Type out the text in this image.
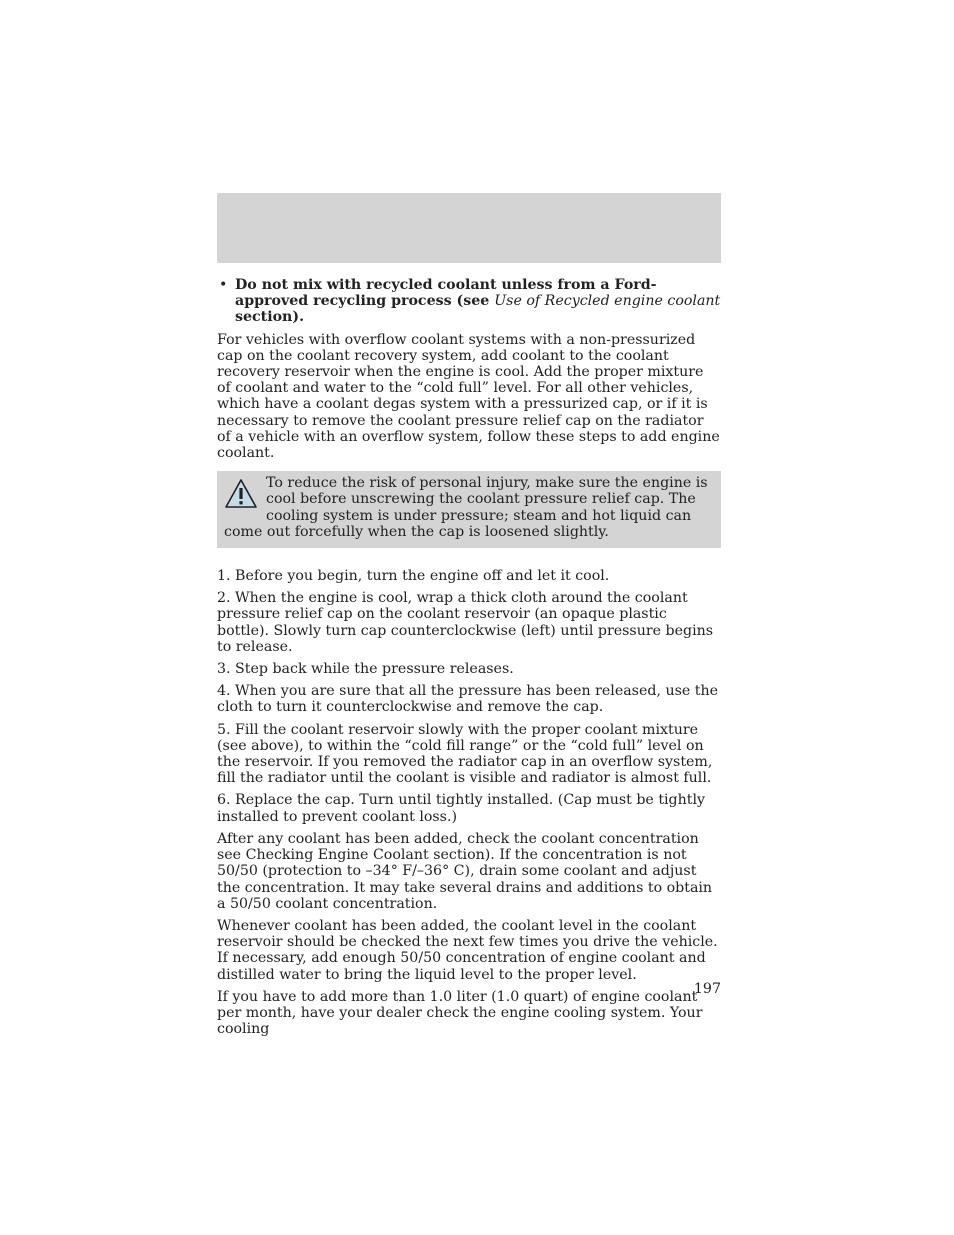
• Do not mix with recycled coolant unless from a Ford-approved recycling process (see Use of Recycled engine coolant section).

For vehicles with overflow coolant systems with a non-pressurized cap on the coolant recovery system, add coolant to the coolant recovery reservoir when the engine is cool. Add the proper mixture of coolant and water to the “cold full” level. For all other vehicles, which have a coolant degas system with a pressurized cap, or if it is necessary to remove the coolant pressure relief cap on the radiator of a vehicle with an overflow system, follow these steps to add engine coolant.

To reduce the risk of personal injury, make sure the engine is cool before unscrewing the coolant pressure relief cap. The cooling system is under pressure; steam and hot liquid can come out forcefully when the cap is loosened slightly.

1. Before you begin, turn the engine off and let it cool.

2. When the engine is cool, wrap a thick cloth around the coolant pressure relief cap on the coolant reservoir (an opaque plastic bottle). Slowly turn cap counterclockwise (left) until pressure begins to release.

3. Step back while the pressure releases.

4. When you are sure that all the pressure has been released, use the cloth to turn it counterclockwise and remove the cap.

5. Fill the coolant reservoir slowly with the proper coolant mixture (see above), to within the “cold fill range” or the “cold full” level on the reservoir. If you removed the radiator cap in an overflow system, fill the radiator until the coolant is visible and radiator is almost full.

6. Replace the cap. Turn until tightly installed. (Cap must be tightly installed to prevent coolant loss.)

After any coolant has been added, check the coolant concentration see Checking Engine Coolant section). If the concentration is not 50/50 (protection to –34° F/–36° C), drain some coolant and adjust the concentration. It may take several drains and additions to obtain a 50/50 coolant concentration.

Whenever coolant has been added, the coolant level in the coolant reservoir should be checked the next few times you drive the vehicle. If necessary, add enough 50/50 concentration of engine coolant and distilled water to bring the liquid level to the proper level.

If you have to add more than 1.0 liter (1.0 quart) of engine coolant per month, have your dealer check the engine cooling system. Your cooling

197
